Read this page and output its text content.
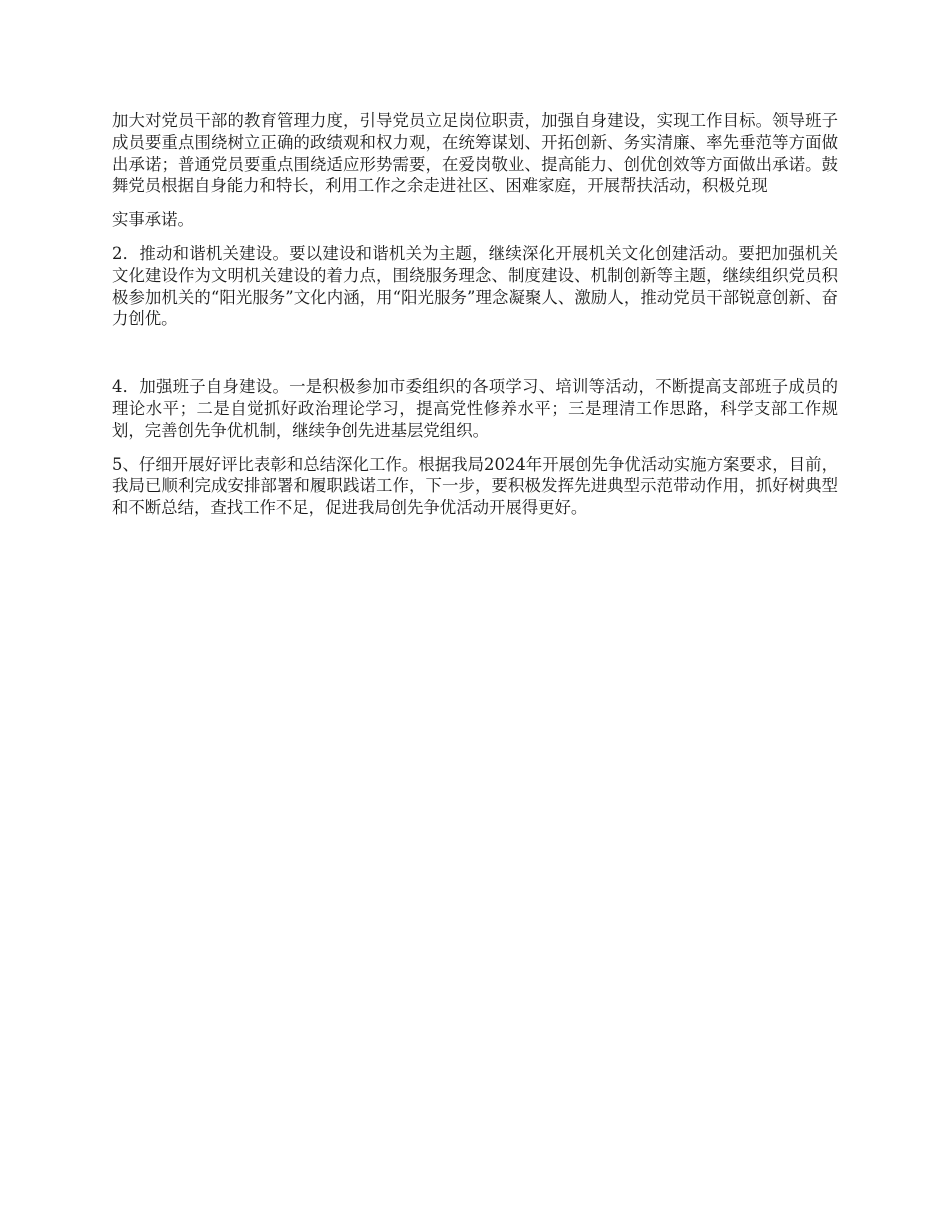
加大对党员干部的教育管理力度，引导党员立足岗位职责，加强自身建设，实现工作目标。领导班子成员要重点围绕树立正确的政绩观和权力观，在统筹谋划、开拓创新、务实清廉、率先垂范等方面做出承诺；普通党员要重点围绕适应形势需要，在爱岗敬业、提高能力、创优创效等方面做出承诺。鼓舞党员根据自身能力和特长，利用工作之余走进社区、困难家庭，开展帮扶活动，积极兑现

实事承诺。

2．推动和谐机关建设。要以建设和谐机关为主题，继续深化开展机关文化创建活动。要把加强机关文化建设作为文明机关建设的着力点，围绕服务理念、制度建设、机制创新等主题，继续组织党员积极参加机关的“阳光服务”文化内涵，用“阳光服务”理念凝聚人、激励人，推动党员干部锐意创新、奋力创优。

4．加强班子自身建设。一是积极参加市委组织的各项学习、培训等活动，不断提高支部班子成员的理论水平；二是自觉抓好政治理论学习，提高党性修养水平；三是理清工作思路，科学支部工作规划，完善创先争优机制，继续争创先进基层党组织。

5、仔细开展好评比表彰和总结深化工作。根据我局2024年开展创先争优活动实施方案要求，目前，我局已顺利完成安排部署和履职践诺工作，下一步，要积极发挥先进典型示范带动作用，抓好树典型和不断总结，查找工作不足，促进我局创先争优活动开展得更好。
